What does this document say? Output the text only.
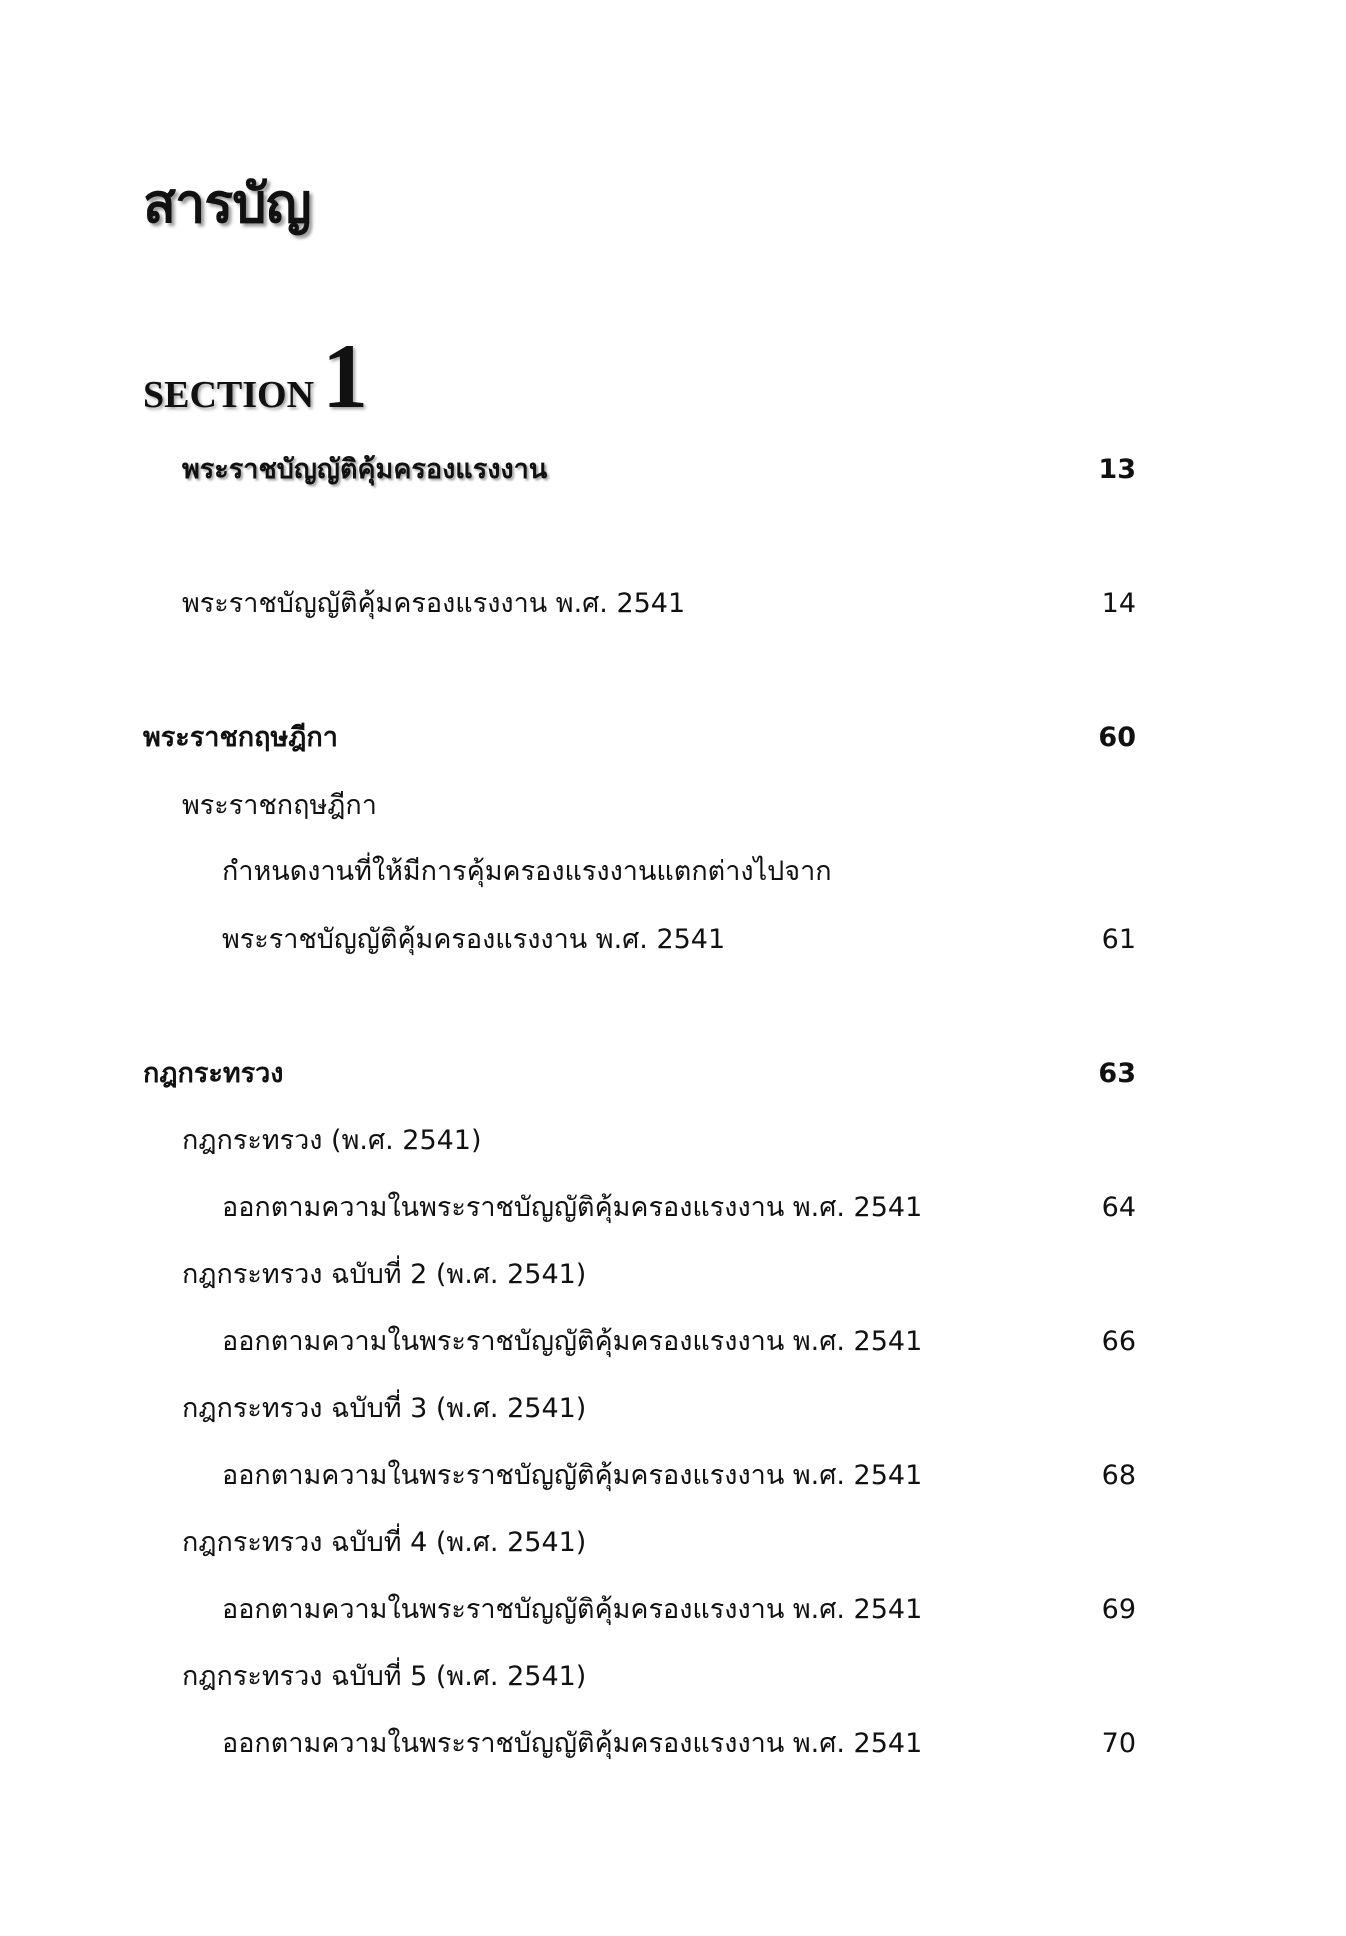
สารบัญ
SECTION1
พระราชบัญญัติคุ้มครองแรงงาน	13
พระราชบัญญัติคุ้มครองแรงงาน พ.ศ. 2541	14
พระราชกฤษฎีกา	60
พระราชกฤษฎีกา
กำหนดงานที่ให้มีการคุ้มครองแรงงานแตกต่างไปจาก
พระราชบัญญัติคุ้มครองแรงงาน พ.ศ. 2541	61
กฎกระทรวง	63
กฎกระทรวง (พ.ศ. 2541)
ออกตามความในพระราชบัญญัติคุ้มครองแรงงาน พ.ศ. 2541	64
กฎกระทรวง ฉบับที่ 2 (พ.ศ. 2541)
ออกตามความในพระราชบัญญัติคุ้มครองแรงงาน พ.ศ. 2541	66
กฎกระทรวง ฉบับที่ 3 (พ.ศ. 2541)
ออกตามความในพระราชบัญญัติคุ้มครองแรงงาน พ.ศ. 2541	68
กฎกระทรวง ฉบับที่ 4 (พ.ศ. 2541)
ออกตามความในพระราชบัญญัติคุ้มครองแรงงาน พ.ศ. 2541	69
กฎกระทรวง ฉบับที่ 5 (พ.ศ. 2541)
ออกตามความในพระราชบัญญัติคุ้มครองแรงงาน พ.ศ. 2541	70
